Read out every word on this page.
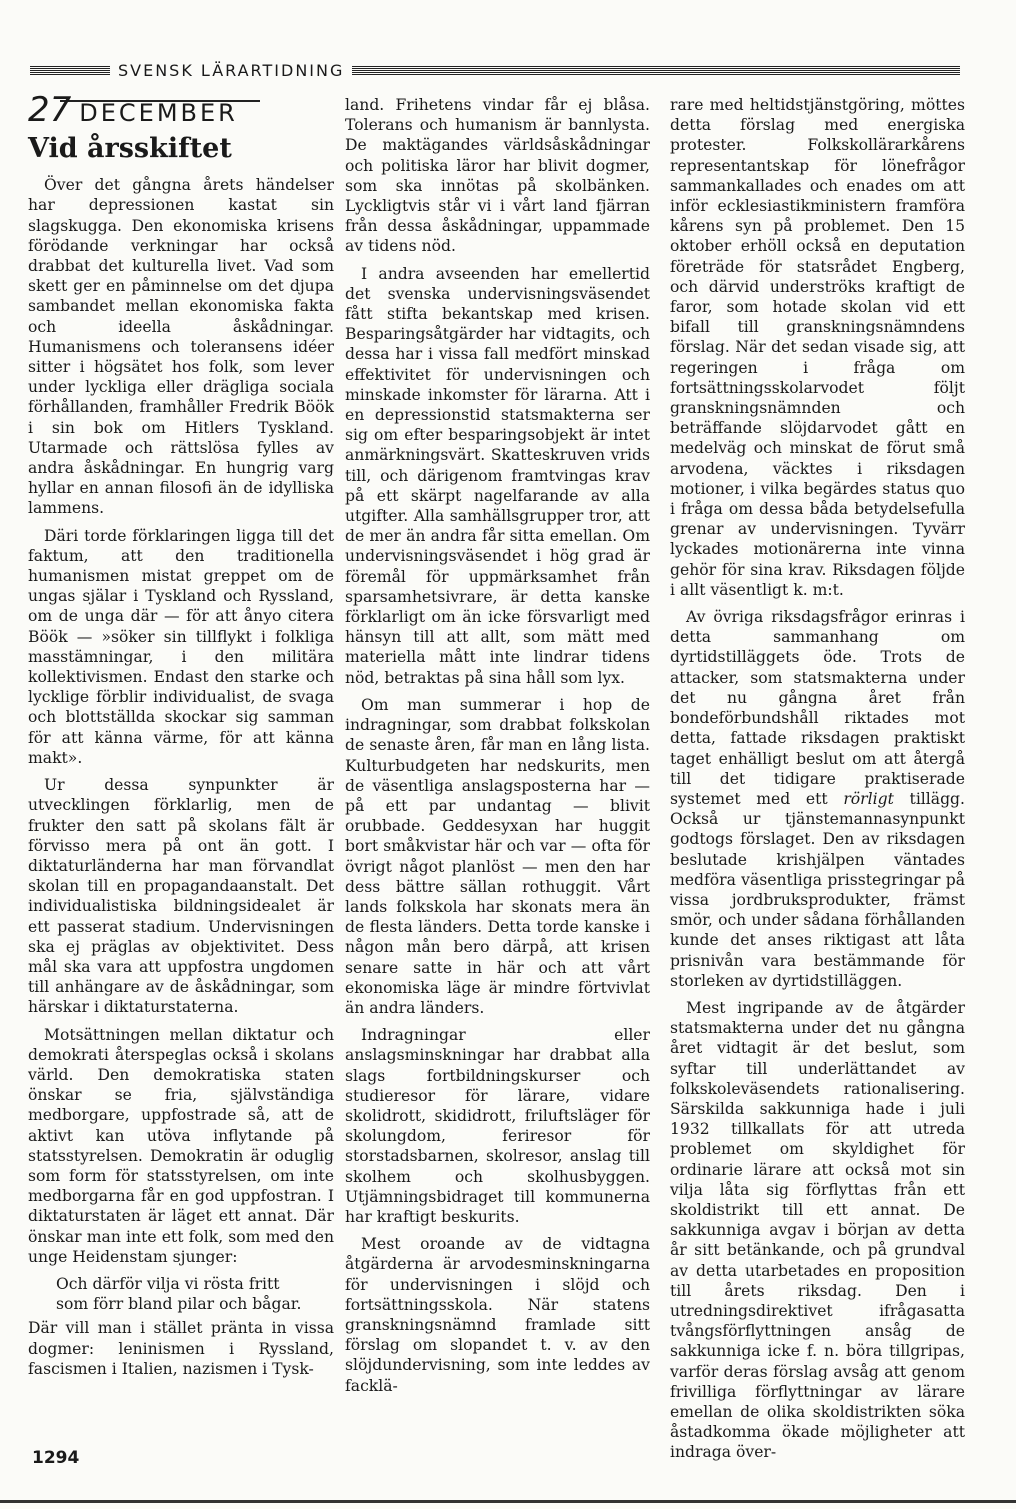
SVENSK LÄRARTIDNING
27 DECEMBER
Vid årsskiftet

Över det gångna årets händelser har depressionen kastat sin slagskugga. Den ekonomiska krisens förödande verkningar har också drabbat det kulturella livet. Vad som skett ger en påminnelse om det djupa sambandet mellan ekonomiska fakta och ideella åskådningar. Humanismens och toleransens idéer sitter i högsätet hos folk, som lever under lyckliga eller drägliga sociala förhållanden, framhåller Fredrik Böök i sin bok om Hitlers Tyskland. Utarmade och rättslösa fylles av andra åskådningar. En hungrig varg hyllar en annan filosofi än de idylliska lammens.

Däri torde förklaringen ligga till det faktum, att den traditionella humanismen mistat greppet om de ungas själar i Tyskland och Ryssland, om de unga där — för att ånyo citera Böök — »söker sin tillflykt i folkliga masstämningar, i den militära kollektivismen. Endast den starke och lycklige förblir individualist, de svaga och blottställda skockar sig samman för att känna värme, för att känna makt».

Ur dessa synpunkter är utvecklingen förklarlig, men de frukter den satt på skolans fält är förvisso mera på ont än gott. I diktaturländerna har man förvandlat skolan till en propagandaanstalt. Det individualistiska bildningsidealet är ett passerat stadium. Undervisningen ska ej präglas av objektivitet. Dess mål ska vara att uppfostra ungdomen till anhängare av de åskådningar, som härskar i diktaturstaterna.

Motsättningen mellan diktatur och demokrati återspeglas också i skolans värld. Den demokratiska staten önskar se fria, självständiga medborgare, uppfostrade så, att de aktivt kan utöva inflytande på statsstyrelsen. Demokratin är oduglig som form för statsstyrelsen, om inte medborgarna får en god uppfostran. I diktaturstaten är läget ett annat. Där önskar man inte ett folk, som med den unge Heidenstam sjunger:

Och därför vilja vi rösta fritt
som förr bland pilar och bågar.

Där vill man i stället pränta in vissa dogmer: leninismen i Ryssland, fascismen i Italien, nazismen i Tysk-

land. Frihetens vindar får ej blåsa. Tolerans och humanism är bannlysta. De maktägandes världsåskådningar och politiska läror har blivit dogmer, som ska innötas på skolbänken. Lyckligtvis står vi i vårt land fjärran från dessa åskådningar, uppammade av tidens nöd.

I andra avseenden har emellertid det svenska undervisningsväsendet fått stifta bekantskap med krisen. Besparingsåtgärder har vidtagits, och dessa har i vissa fall medfört minskad effektivitet för undervisningen och minskade inkomster för lärarna. Att i en depressionstid statsmakterna ser sig om efter besparingsobjekt är intet anmärkningsvärt. Skatteskruven vrids till, och därigenom framtvingas krav på ett skärpt nagelfarande av alla utgifter. Alla samhällsgrupper tror, att de mer än andra får sitta emellan. Om undervisningsväsendet i hög grad är föremål för uppmärksamhet från sparsamhetsivrare, är detta kanske förklarligt om än icke försvarligt med hänsyn till att allt, som mätt med materiella mått inte lindrar tidens nöd, betraktas på sina håll som lyx.

Om man summerar i hop de indragningar, som drabbat folkskolan de senaste åren, får man en lång lista. Kulturbudgeten har nedskurits, men de väsentliga anslagsposterna har — på ett par undantag — blivit orubbade. Geddesyxan har huggit bort småkvistar här och var — ofta för övrigt något planlöst — men den har dess bättre sällan rothuggit. Vårt lands folkskola har skonats mera än de flesta länders. Detta torde kanske i någon mån bero därpå, att krisen senare satte in här och att vårt ekonomiska läge är mindre förtvivlat än andra länders.

Indragningar eller anslagsminskningar har drabbat alla slags fortbildningskurser och studieresor för lärare, vidare skolidrott, skididrott, friluftsläger för skolungdom, feriresor för storstadsbarnen, skolresor, anslag till skolhem och skolhusbyggen. Utjämningsbidraget till kommunerna har kraftigt beskurits.

Mest oroande av de vidtagna åtgärderna är arvodesminskningarna för undervisningen i slöjd och fortsättningsskola. När statens granskningsnämnd framlade sitt förslag om slopandet t. v. av den slöjdundervisning, som inte leddes av facklä-

rare med heltidstjänstgöring, möttes detta förslag med energiska protester. Folkskollärarkårens representantskap för lönefrågor sammankallades och enades om att inför ecklesiastikministern framföra kårens syn på problemet. Den 15 oktober erhöll också en deputation företräde för statsrådet Engberg, och därvid underströks kraftigt de faror, som hotade skolan vid ett bifall till granskningsnämndens förslag. När det sedan visade sig, att regeringen i fråga om fortsättningsskolarvodet följt granskningsnämnden och beträffande slöjdarvodet gått en medelväg och minskat de förut små arvodena, väcktes i riksdagen motioner, i vilka begärdes status quo i fråga om dessa båda betydelsefulla grenar av undervisningen. Tyvärr lyckades motionärerna inte vinna gehör för sina krav. Riksdagen följde i allt väsentligt k. m:t.

Av övriga riksdagsfrågor erinras i detta sammanhang om dyrtidstilläggets öde. Trots de attacker, som statsmakterna under det nu gångna året från bondeförbundshåll riktades mot detta, fattade riksdagen praktiskt taget enhälligt beslut om att återgå till det tidigare praktiserade systemet med ett rörligt tillägg. Också ur tjänstemannasynpunkt godtogs förslaget. Den av riksdagen beslutade krishjälpen väntades medföra väsentliga prisstegringar på vissa jordbruksprodukter, främst smör, och under sådana förhållanden kunde det anses riktigast att låta prisnivån vara bestämmande för storleken av dyrtidstilläggen.

Mest ingripande av de åtgärder statsmakterna under det nu gångna året vidtagit är det beslut, som syftar till underlättandet av folkskoleväsendets rationalisering. Särskilda sakkunniga hade i juli 1932 tillkallats för att utreda problemet om skyldighet för ordinarie lärare att också mot sin vilja låta sig förflyttas från ett skoldistrikt till ett annat. De sakkunniga avgav i början av detta år sitt betänkande, och på grundval av detta utarbetades en proposition till årets riksdag. Den i utredningsdirektivet ifrågasatta tvångsförflyttningen ansåg de sakkunniga icke f. n. böra tillgripas, varför deras förslag avsåg att genom frivilliga förflyttningar av lärare emellan de olika skoldistrikten söka åstadkomma ökade möjligheter att indraga över-

1294
